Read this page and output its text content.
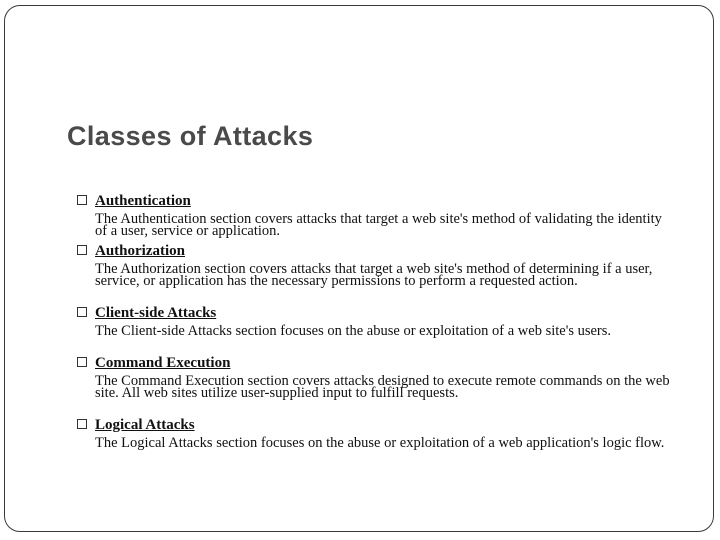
Classes of Attacks
Authentication
The Authentication section covers attacks that target a web site's method of validating the identity of a user, service or application.
Authorization
The Authorization section covers attacks that target a web site's method of determining if a user, service, or application has the necessary permissions to perform a requested action.
Client-side Attacks
The Client-side Attacks section focuses on the abuse or exploitation of a web site's users.
Command Execution
The Command Execution section covers attacks designed to execute remote commands on the web site. All web sites utilize user-supplied input to fulfill requests.
Logical Attacks
The Logical Attacks section focuses on the abuse or exploitation of a web application's logic flow.
